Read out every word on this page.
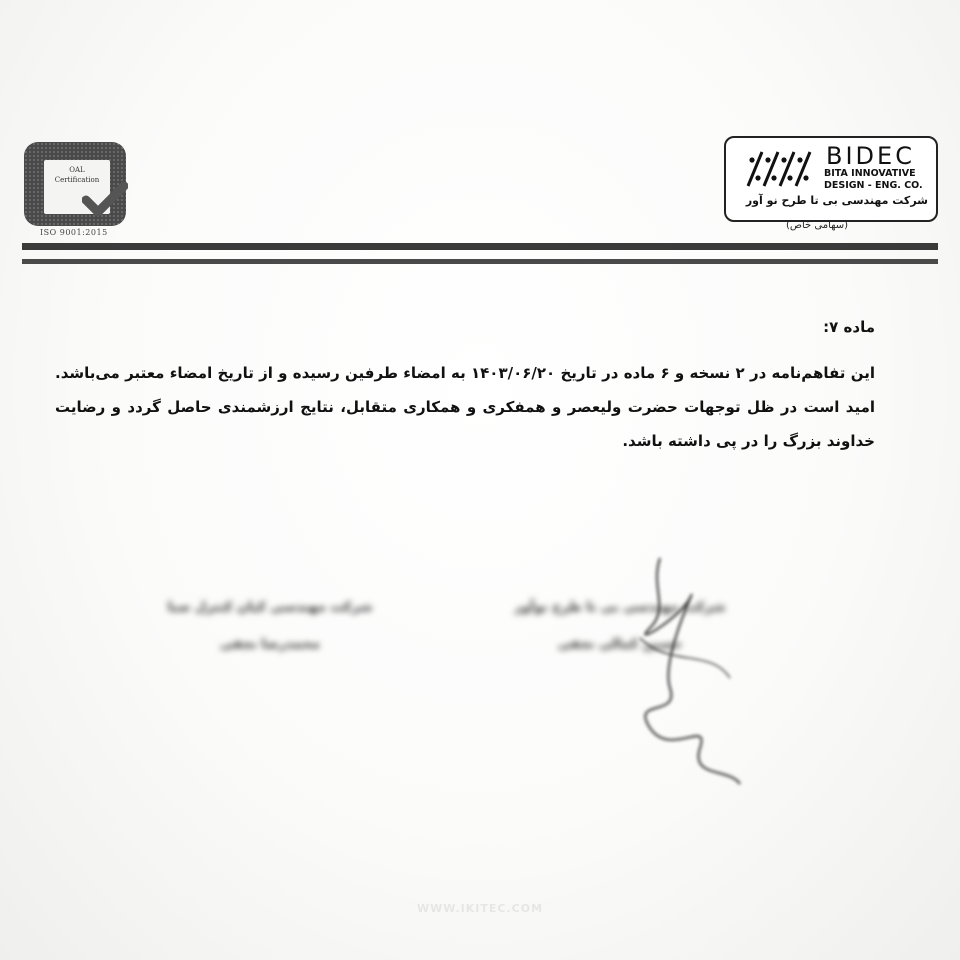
OAL
Certification
ISO 9001:2015
BIDEC
BITA INNOVATIVE
DESIGN - ENG. CO.
شرکت مهندسی بی تا طرح نو آور
(سهامی خاص)

ماده ۷:

این تفاهم‌نامه در ۲ نسخه و ۶ ماده در تاریخ ۱۴۰۳/۰۶/۲۰ به امضاء طرفین رسیده و از تاریخ امضاء معتبر می‌باشد. امید است در ظل توجهات حضرت ولیعصر و همفکری و همکاری متقابل، نتایج ارزشمندی حاصل گردد و رضایت خداوند بزرگ را در پی داشته باشد.

شرکت مهندسی کیان کنترل صبا
محمدرضا نجفی
شرکت مهندسی بی تا طرح نوآور
حسین کمالی نجفی
WWW.IKITEC.COM
